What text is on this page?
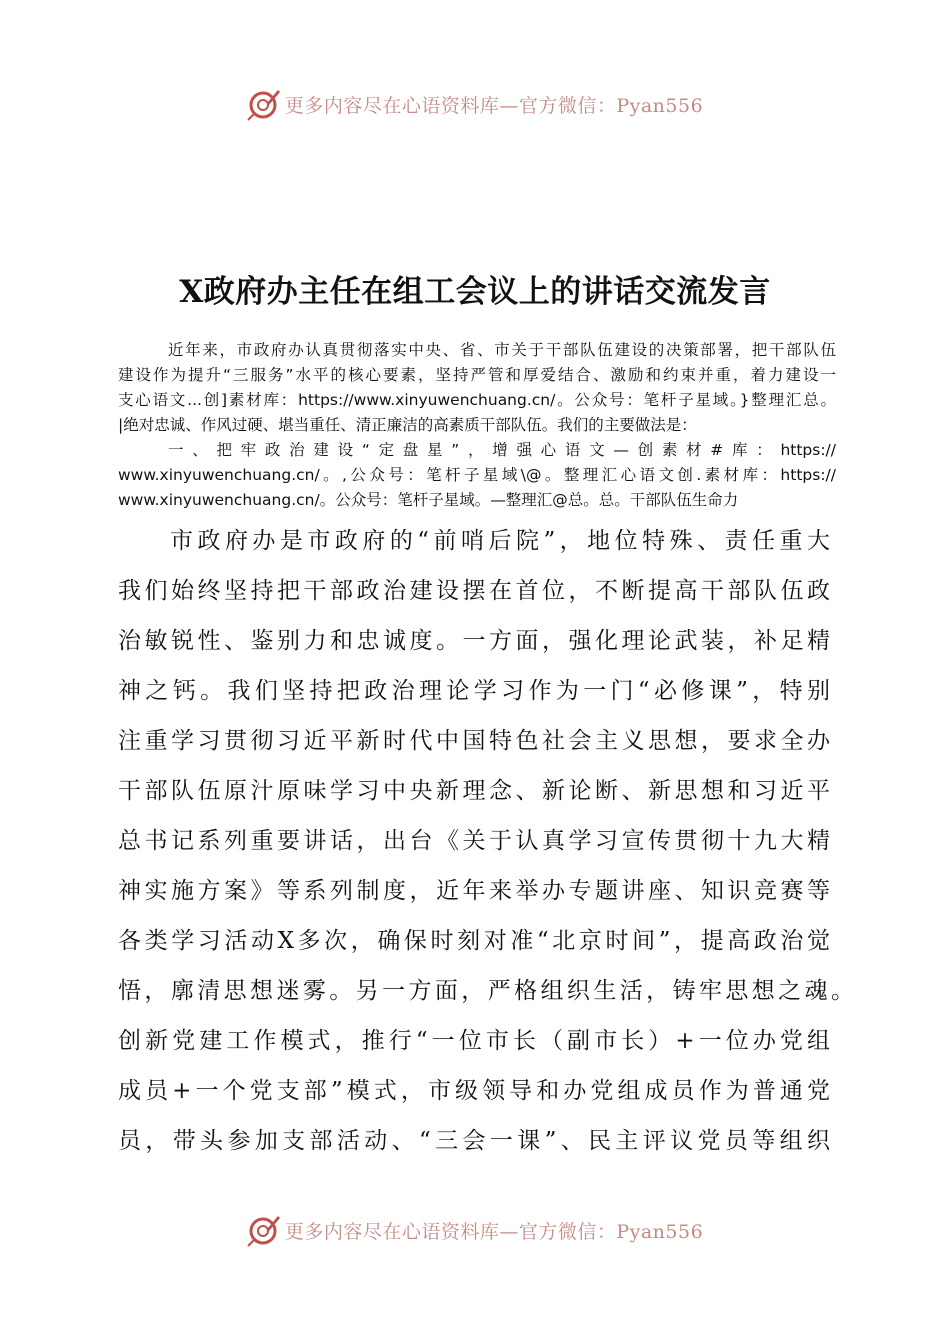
更多内容尽在心语资料库—官方微信：Pyan556
X政府办主任在组工会议上的讲话交流发言
近年来，市政府办认真贯彻落实中央、省、市关于干部队伍建设的决策部署，把干部队伍
建设作为提升“三服务”水平的核心要素，坚持严管和厚爱结合、激励和约束并重，着力建设一
支心语文...创]素材库：https://www.xinyuwenchuang.cn/。公众号：笔杆子星域。}整理汇总。
|绝对忠诚、作风过硬、堪当重任、清正廉洁的高素质干部队伍。我们的主要做法是：
一、把牢政治建设“定盘星”，增强心语文—创素材#库：https://
www.xinyuwenchuang.cn/。,公众号：笔杆子星域\@。整理汇心语文创.素材库：https://
www.xinyuwenchuang.cn/。公众号：笔杆子星域。—整理汇@总。总。干部队伍生命力
市政府办是市政府的“前哨后院”，地位特殊、责任重大
我们始终坚持把干部政治建设摆在首位，不断提高干部队伍政
治敏锐性、鉴别力和忠诚度。一方面，强化理论武装，补足精
神之钙。我们坚持把政治理论学习作为一门“必修课”，特别
注重学习贯彻习近平新时代中国特色社会主义思想，要求全办
干部队伍原汁原味学习中央新理念、新论断、新思想和习近平
总书记系列重要讲话，出台《关于认真学习宣传贯彻十九大精
神实施方案》等系列制度，近年来举办专题讲座、知识竞赛等
各类学习活动X多次，确保时刻对准“北京时间”，提高政治觉
悟，廓清思想迷雾。另一方面，严格组织生活，铸牢思想之魂。
创新党建工作模式，推行“一位市长（副市长）+一位办党组
成员+一个党支部”模式，市级领导和办党组成员作为普通党
员，带头参加支部活动、“三会一课”、民主评议党员等组织
更多内容尽在心语资料库—官方微信：Pyan556
